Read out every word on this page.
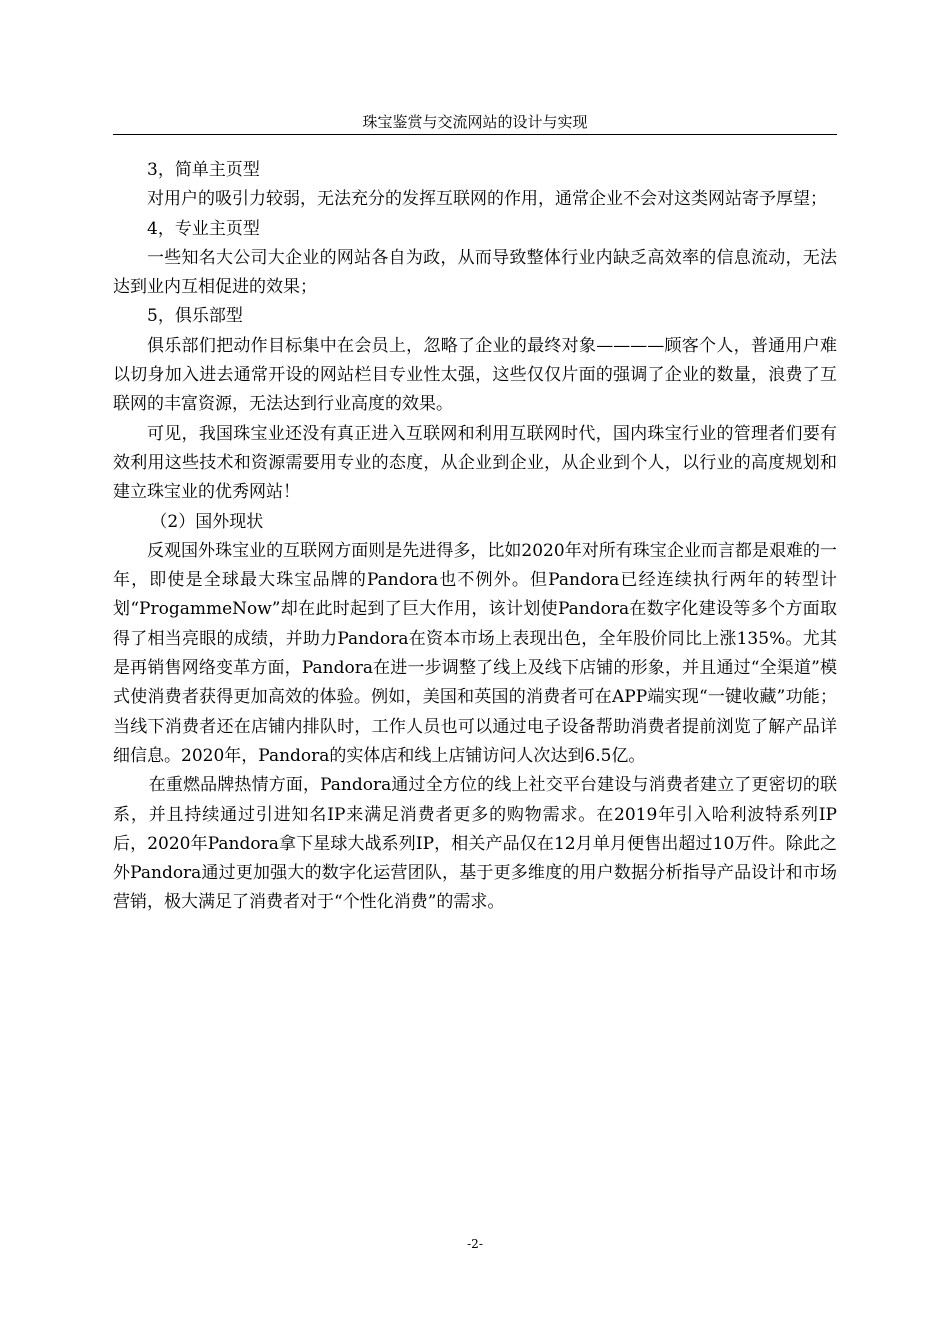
珠宝鉴赏与交流网站的设计与实现

3，简单主页型

对用户的吸引力较弱，无法充分的发挥互联网的作用，通常企业不会对这类网站寄予厚望；

4，专业主页型

一些知名大公司大企业的网站各自为政，从而导致整体行业内缺乏高效率的信息流动，无法达到业内互相促进的效果；

5，俱乐部型

俱乐部们把动作目标集中在会员上，忽略了企业的最终对象————顾客个人，普通用户难以切身加入进去通常开设的网站栏目专业性太强，这些仅仅片面的强调了企业的数量，浪费了互联网的丰富资源，无法达到行业高度的效果。

可见，我国珠宝业还没有真正进入互联网和利用互联网时代，国内珠宝行业的管理者们要有效利用这些技术和资源需要用专业的态度，从企业到企业，从企业到个人，以行业的高度规划和建立珠宝业的优秀网站！

（2）国外现状

反观国外珠宝业的互联网方面则是先进得多，比如2020年对所有珠宝企业而言都是艰难的一年，即使是全球最大珠宝品牌的Pandora也不例外。但Pandora已经连续执行两年的转型计划“ProgammeNow”却在此时起到了巨大作用，该计划使Pandora在数字化建设等多个方面取得了相当亮眼的成绩，并助力Pandora在资本市场上表现出色，全年股价同比上涨135%。尤其是再销售网络变革方面，Pandora在进一步调整了线上及线下店铺的形象，并且通过“全渠道”模式使消费者获得更加高效的体验。例如，美国和英国的消费者可在APP端实现“一键收藏”功能；当线下消费者还在店铺内排队时，工作人员也可以通过电子设备帮助消费者提前浏览了解产品详细信息。2020年，Pandora的实体店和线上店铺访问人次达到6.5亿。

在重燃品牌热情方面，Pandora通过全方位的线上社交平台建设与消费者建立了更密切的联系，并且持续通过引进知名IP来满足消费者更多的购物需求。在2019年引入哈利波特系列IP后，2020年Pandora拿下星球大战系列IP，相关产品仅在12月单月便售出超过10万件。除此之外Pandora通过更加强大的数字化运营团队，基于更多维度的用户数据分析指导产品设计和市场营销，极大满足了消费者对于“个性化消费”的需求。

-2-
